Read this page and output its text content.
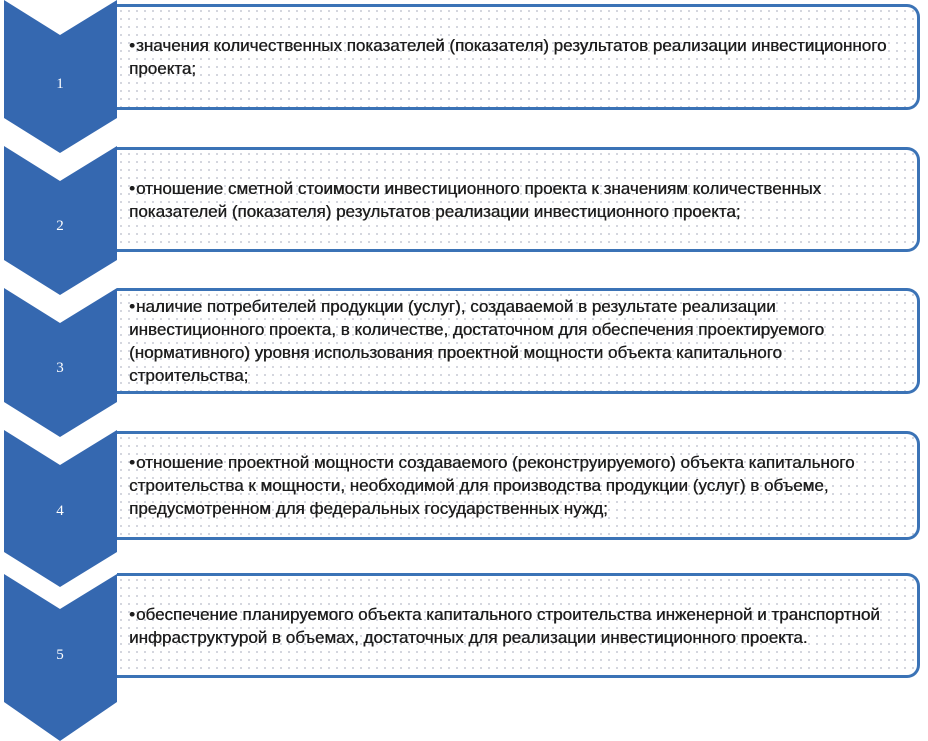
1
2
3
4
5

•значения количественных показателей (показателя) результатов реализации инвестиционного проекта;

•отношение сметной стоимости инвестиционного проекта к значениям количественных показателей (показателя) результатов реализации инвестиционного проекта;

•наличие потребителей продукции (услуг), создаваемой в результате реализации инвестиционного проекта, в количестве, достаточном для обеспечения проектируемого (нормативного) уровня использования проектной мощности объекта капитального строительства;

•отношение проектной мощности создаваемого (реконструируемого) объекта капитального строительства к мощности, необходимой для производства продукции (услуг) в объеме, предусмотренном для федеральных государственных нужд;

•обеспечение планируемого объекта капитального строительства инженерной и транспортной инфраструктурой в объемах, достаточных для реализации инвестиционного проекта.
